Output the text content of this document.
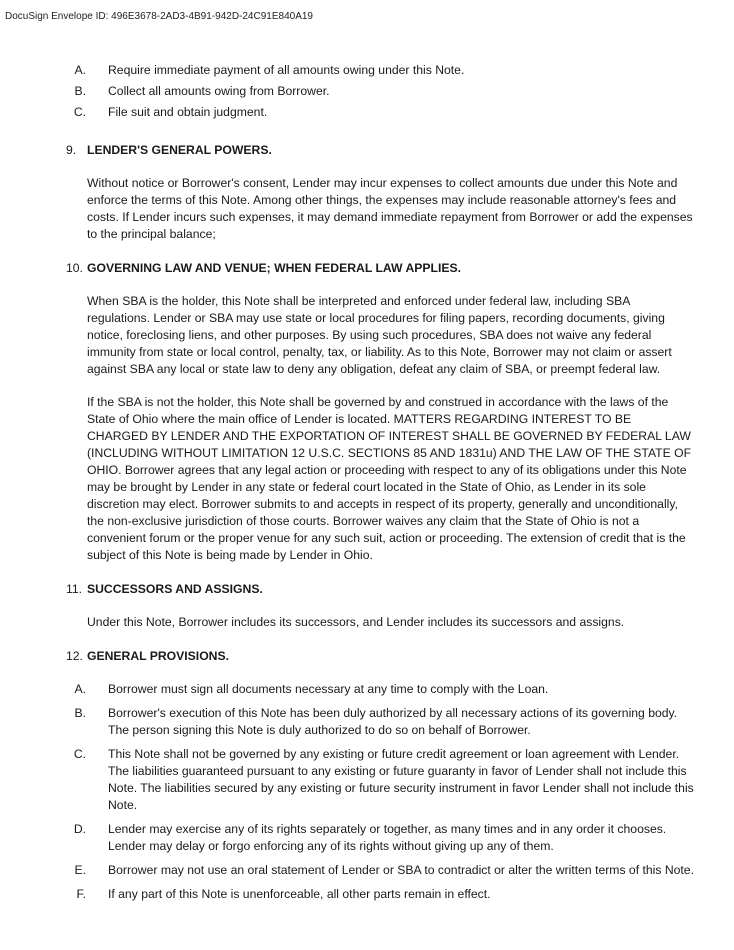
DocuSign Envelope ID: 496E3678-2AD3-4B91-942D-24C91E840A19
A. Require immediate payment of all amounts owing under this Note.
B. Collect all amounts owing from Borrower.
C. File suit and obtain judgment.
9. LENDER'S GENERAL POWERS.

Without notice or Borrower's consent, Lender may incur expenses to collect amounts due under this Note and enforce the terms of this Note. Among other things, the expenses may include reasonable attorney's fees and costs. If Lender incurs such expenses, it may demand immediate repayment from Borrower or add the expenses to the principal balance;

10. GOVERNING LAW AND VENUE; WHEN FEDERAL LAW APPLIES.

When SBA is the holder, this Note shall be interpreted and enforced under federal law, including SBA regulations. Lender or SBA may use state or local procedures for filing papers, recording documents, giving notice, foreclosing liens, and other purposes. By using such procedures, SBA does not waive any federal immunity from state or local control, penalty, tax, or liability. As to this Note, Borrower may not claim or assert against SBA any local or state law to deny any obligation, defeat any claim of SBA, or preempt federal law.

If the SBA is not the holder, this Note shall be governed by and construed in accordance with the laws of the State of Ohio where the main office of Lender is located. MATTERS REGARDING INTEREST TO BE CHARGED BY LENDER AND THE EXPORTATION OF INTEREST SHALL BE GOVERNED BY FEDERAL LAW (INCLUDING WITHOUT LIMITATION 12 U.S.C. SECTIONS 85 AND 1831u) AND THE LAW OF THE STATE OF OHIO. Borrower agrees that any legal action or proceeding with respect to any of its obligations under this Note may be brought by Lender in any state or federal court located in the State of Ohio, as Lender in its sole discretion may elect. Borrower submits to and accepts in respect of its property, generally and unconditionally, the non-exclusive jurisdiction of those courts. Borrower waives any claim that the State of Ohio is not a convenient forum or the proper venue for any such suit, action or proceeding. The extension of credit that is the subject of this Note is being made by Lender in Ohio.

11. SUCCESSORS AND ASSIGNS.

Under this Note, Borrower includes its successors, and Lender includes its successors and assigns.

12. GENERAL PROVISIONS.
A. Borrower must sign all documents necessary at any time to comply with the Loan.
B. Borrower's execution of this Note has been duly authorized by all necessary actions of its governing body. The person signing this Note is duly authorized to do so on behalf of Borrower.
C. This Note shall not be governed by any existing or future credit agreement or loan agreement with Lender. The liabilities guaranteed pursuant to any existing or future guaranty in favor of Lender shall not include this Note. The liabilities secured by any existing or future security instrument in favor Lender shall not include this Note.
D. Lender may exercise any of its rights separately or together, as many times and in any order it chooses. Lender may delay or forgo enforcing any of its rights without giving up any of them.
E. Borrower may not use an oral statement of Lender or SBA to contradict or alter the written terms of this Note.
F. If any part of this Note is unenforceable, all other parts remain in effect.
